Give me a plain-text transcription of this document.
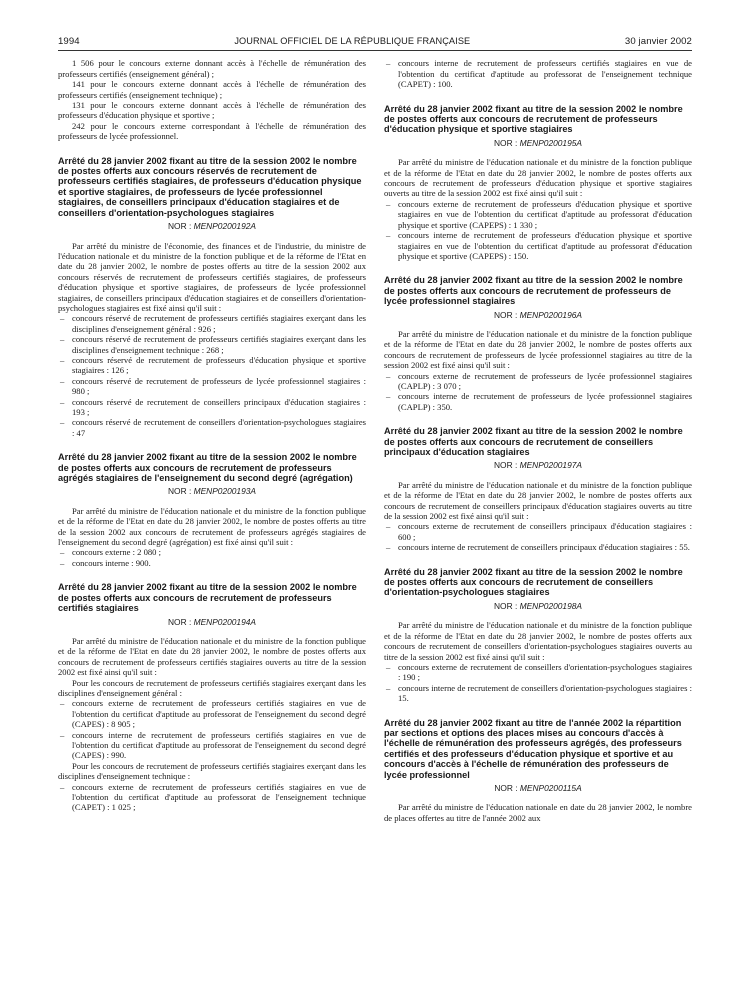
1994	JOURNAL OFFICIEL DE LA RÉPUBLIQUE FRANÇAISE	30 janvier 2002

1 506 pour le concours externe donnant accès à l'échelle de rémunération des professeurs certifiés (enseignement général) ;

141 pour le concours externe donnant accès à l'échelle de rémunération des professeurs certifiés (enseignement technique) ;

131 pour le concours externe donnant accès à l'échelle de rémunération des professeurs d'éducation physique et sportive ;

242 pour le concours externe correspondant à l'échelle de rémunération des professeurs de lycée professionnel.

Arrêté du 28 janvier 2002 fixant au titre de la session 2002 le nombre de postes offerts aux concours réservés de recrutement de professeurs certifiés stagiaires, de professeurs d'éducation physique et sportive stagiaires, de professeurs de lycée professionnel stagiaires, de conseillers principaux d'éducation stagiaires et de conseillers d'orientation-psychologues stagiaires
NOR : MENP0200192A

Par arrêté du ministre de l'économie, des finances et de l'industrie, du ministre de l'éducation nationale et du ministre de la fonction publique et de la réforme de l'Etat en date du 28 janvier 2002, le nombre de postes offerts au titre de la session 2002 aux concours réservés de recrutement de professeurs certifiés stagiaires, de professeurs d'éducation physique et sportive stagiaires, de professeurs de lycée professionnel stagiaires, de conseillers principaux d'éducation stagiaires et de conseillers d'orientation-psychologues stagiaires est fixé ainsi qu'il suit :

– concours réservé de recrutement de professeurs certifiés stagiaires exerçant dans les disciplines d'enseignement général : 926 ;
– concours réservé de recrutement de professeurs certifiés stagiaires exerçant dans les disciplines d'enseignement technique : 268 ;
– concours réservé de recrutement de professeurs d'éducation physique et sportive stagiaires : 126 ;
– concours réservé de recrutement de professeurs de lycée professionnel stagiaires : 980 ;
– concours réservé de recrutement de conseillers principaux d'éducation stagiaires : 193 ;
– concours réservé de recrutement de conseillers d'orientation-psychologues stagiaires : 47
Arrêté du 28 janvier 2002 fixant au titre de la session 2002 le nombre de postes offerts aux concours de recrutement de professeurs agrégés stagiaires de l'enseignement du second degré (agrégation)
NOR : MENP0200193A

Par arrêté du ministre de l'éducation nationale et du ministre de la fonction publique et de la réforme de l'Etat en date du 28 janvier 2002, le nombre de postes offerts au titre de la session 2002 aux concours de recrutement de professeurs agrégés stagiaires de l'enseignement du second degré (agrégation) est fixé ainsi qu'il suit :

– concours externe : 2 080 ;
– concours interne : 900.
Arrêté du 28 janvier 2002 fixant au titre de la session 2002 le nombre de postes offerts aux concours de recrutement de professeurs certifiés stagiaires
NOR : MENP0200194A

Par arrêté du ministre de l'éducation nationale et du ministre de la fonction publique et de la réforme de l'Etat en date du 28 janvier 2002, le nombre de postes offerts aux concours de recrutement de professeurs certifiés stagiaires ouverts au titre de la session 2002 est fixé ainsi qu'il suit :

Pour les concours de recrutement de professeurs certifiés stagiaires exerçant dans les disciplines d'enseignement général :

– concours externe de recrutement de professeurs certifiés stagiaires en vue de l'obtention du certificat d'aptitude au professorat de l'enseignement du second degré (CAPES) : 8 905 ;
– concours interne de recrutement de professeurs certifiés stagiaires en vue de l'obtention du certificat d'aptitude au professorat de l'enseignement du second degré (CAPES) : 990.

Pour les concours de recrutement de professeurs certifiés stagiaires exerçant dans les disciplines d'enseignement technique :

– concours externe de recrutement de professeurs certifiés stagiaires en vue de l'obtention du certificat d'aptitude au professorat de l'enseignement technique (CAPET) : 1 025 ;
– concours interne de recrutement de professeurs certifiés stagiaires en vue de l'obtention du certificat d'aptitude au professorat de l'enseignement technique (CAPET) : 100.
Arrêté du 28 janvier 2002 fixant au titre de la session 2002 le nombre de postes offerts aux concours de recrutement de professeurs d'éducation physique et sportive stagiaires
NOR : MENP0200195A

Par arrêté du ministre de l'éducation nationale et du ministre de la fonction publique et de la réforme de l'Etat en date du 28 janvier 2002, le nombre de postes offerts aux concours de recrutement de professeurs d'éducation physique et sportive stagiaires ouverts au titre de la session 2002 est fixé ainsi qu'il suit :

– concours externe de recrutement de professeurs d'éducation physique et sportive stagiaires en vue de l'obtention du certificat d'aptitude au professorat d'éducation physique et sportive (CAPEPS) : 1 330 ;
– concours interne de recrutement de professeurs d'éducation physique et sportive stagiaires en vue de l'obtention du certificat d'aptitude au professorat d'éducation physique et sportive (CAPEPS) : 150.
Arrêté du 28 janvier 2002 fixant au titre de la session 2002 le nombre de postes offerts aux concours de recrutement de professeurs de lycée professionnel stagiaires
NOR : MENP0200196A

Par arrêté du ministre de l'éducation nationale et du ministre de la fonction publique et de la réforme de l'Etat en date du 28 janvier 2002, le nombre de postes offerts aux concours de recrutement de professeurs de lycée professionnel stagiaires au titre de la session 2002 est fixé ainsi qu'il suit :

– concours externe de recrutement de professeurs de lycée professionnel stagiaires (CAPLP) : 3 070 ;
– concours interne de recrutement de professeurs de lycée professionnel stagiaires (CAPLP) : 350.
Arrêté du 28 janvier 2002 fixant au titre de la session 2002 le nombre de postes offerts aux concours de recrutement de conseillers principaux d'éducation stagiaires
NOR : MENP0200197A

Par arrêté du ministre de l'éducation nationale et du ministre de la fonction publique et de la réforme de l'Etat en date du 28 janvier 2002, le nombre de postes offerts aux concours de recrutement de conseillers principaux d'éducation stagiaires ouverts au titre de la session 2002 est fixé ainsi qu'il suit :

– concours externe de recrutement de conseillers principaux d'éducation stagiaires : 600 ;
– concours interne de recrutement de conseillers principaux d'éducation stagiaires : 55.
Arrêté du 28 janvier 2002 fixant au titre de la session 2002 le nombre de postes offerts aux concours de recrutement de conseillers d'orientation-psychologues stagiaires
NOR : MENP0200198A

Par arrêté du ministre de l'éducation nationale et du ministre de la fonction publique et de la réforme de l'Etat en date du 28 janvier 2002, le nombre de postes offerts aux concours de recrutement de conseillers d'orientation-psychologues stagiaires ouverts au titre de la session 2002 est fixé ainsi qu'il suit :

– concours externe de recrutement de conseillers d'orientation-psychologues stagiaires : 190 ;
– concours interne de recrutement de conseillers d'orientation-psychologues stagiaires : 15.
Arrêté du 28 janvier 2002 fixant au titre de l'année 2002 la répartition par sections et options des places mises au concours d'accès à l'échelle de rémunération des professeurs agrégés, des professeurs certifiés et des professeurs d'éducation physique et sportive et au concours d'accès à l'échelle de rémunération des professeurs de lycée professionnel
NOR : MENP0200115A

Par arrêté du ministre de l'éducation nationale en date du 28 janvier 2002, le nombre de places offertes au titre de l'année 2002 aux
